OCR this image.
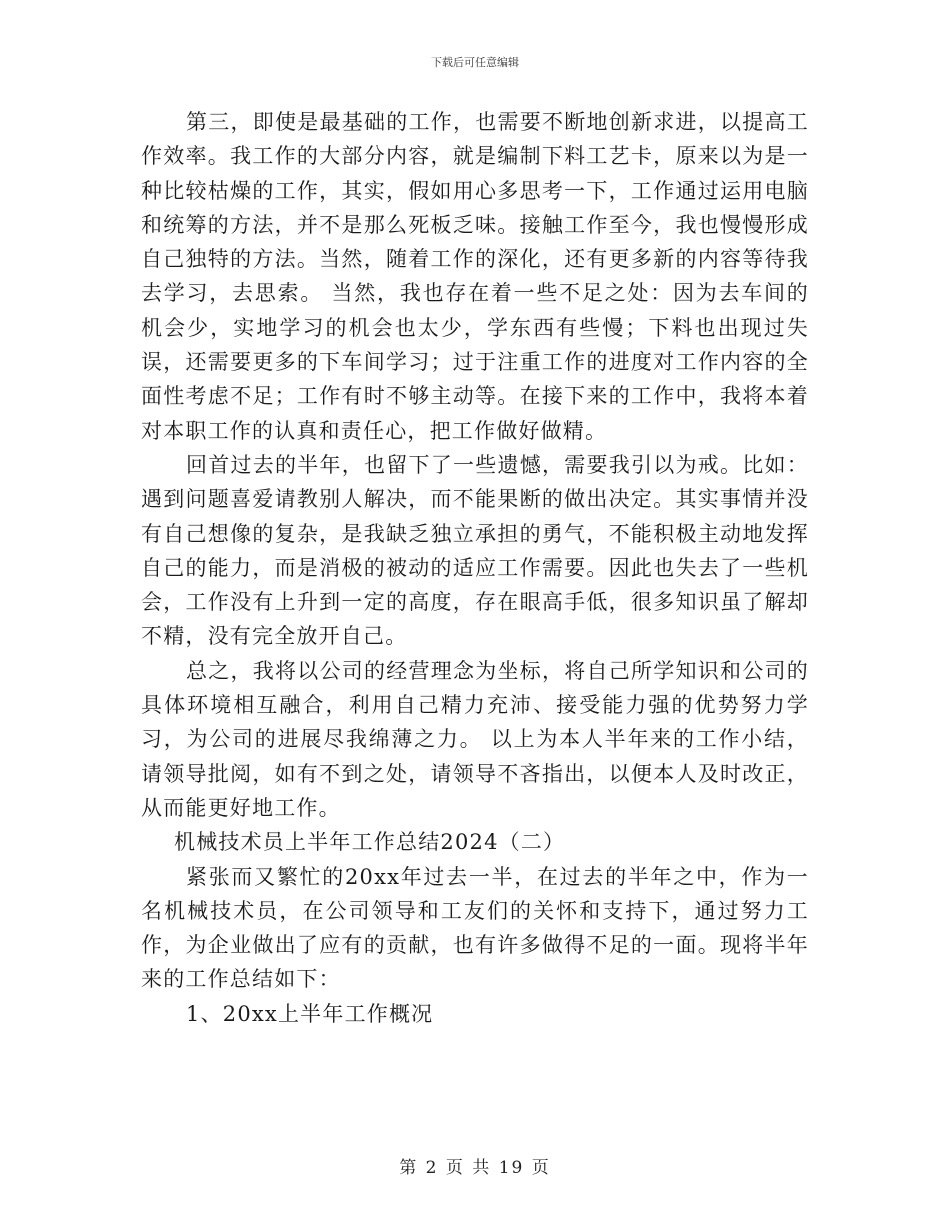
下载后可任意编辑

第三，即使是最基础的工作，也需要不断地创新求进，以提高工作效率。我工作的大部分内容，就是编制下料工艺卡，原来以为是一种比较枯燥的工作，其实，假如用心多思考一下，工作通过运用电脑和统筹的方法，并不是那么死板乏味。接触工作至今，我也慢慢形成自己独特的方法。当然，随着工作的深化，还有更多新的内容等待我去学习，去思索。 当然，我也存在着一些不足之处：因为去车间的机会少，实地学习的机会也太少，学东西有些慢；下料也出现过失误，还需要更多的下车间学习；过于注重工作的进度对工作内容的全面性考虑不足；工作有时不够主动等。在接下来的工作中，我将本着对本职工作的认真和责任心，把工作做好做精。

回首过去的半年，也留下了一些遗憾，需要我引以为戒。比如：遇到问题喜爱请教别人解决，而不能果断的做出决定。其实事情并没有自己想像的复杂，是我缺乏独立承担的勇气，不能积极主动地发挥自己的能力，而是消极的被动的适应工作需要。因此也失去了一些机会，工作没有上升到一定的高度，存在眼高手低，很多知识虽了解却不精，没有完全放开自己。

总之，我将以公司的经营理念为坐标，将自己所学知识和公司的具体环境相互融合，利用自己精力充沛、接受能力强的优势努力学习，为公司的进展尽我绵薄之力。 以上为本人半年来的工作小结，请领导批阅，如有不到之处，请领导不吝指出，以便本人及时改正，从而能更好地工作。

机械技术员上半年工作总结2024（二）

紧张而又繁忙的20xx年过去一半，在过去的半年之中，作为一名机械技术员，在公司领导和工友们的关怀和支持下，通过努力工作，为企业做出了应有的贡献，也有许多做得不足的一面。现将半年来的工作总结如下：

1、20xx上半年工作概况

第 2 页 共 19 页
